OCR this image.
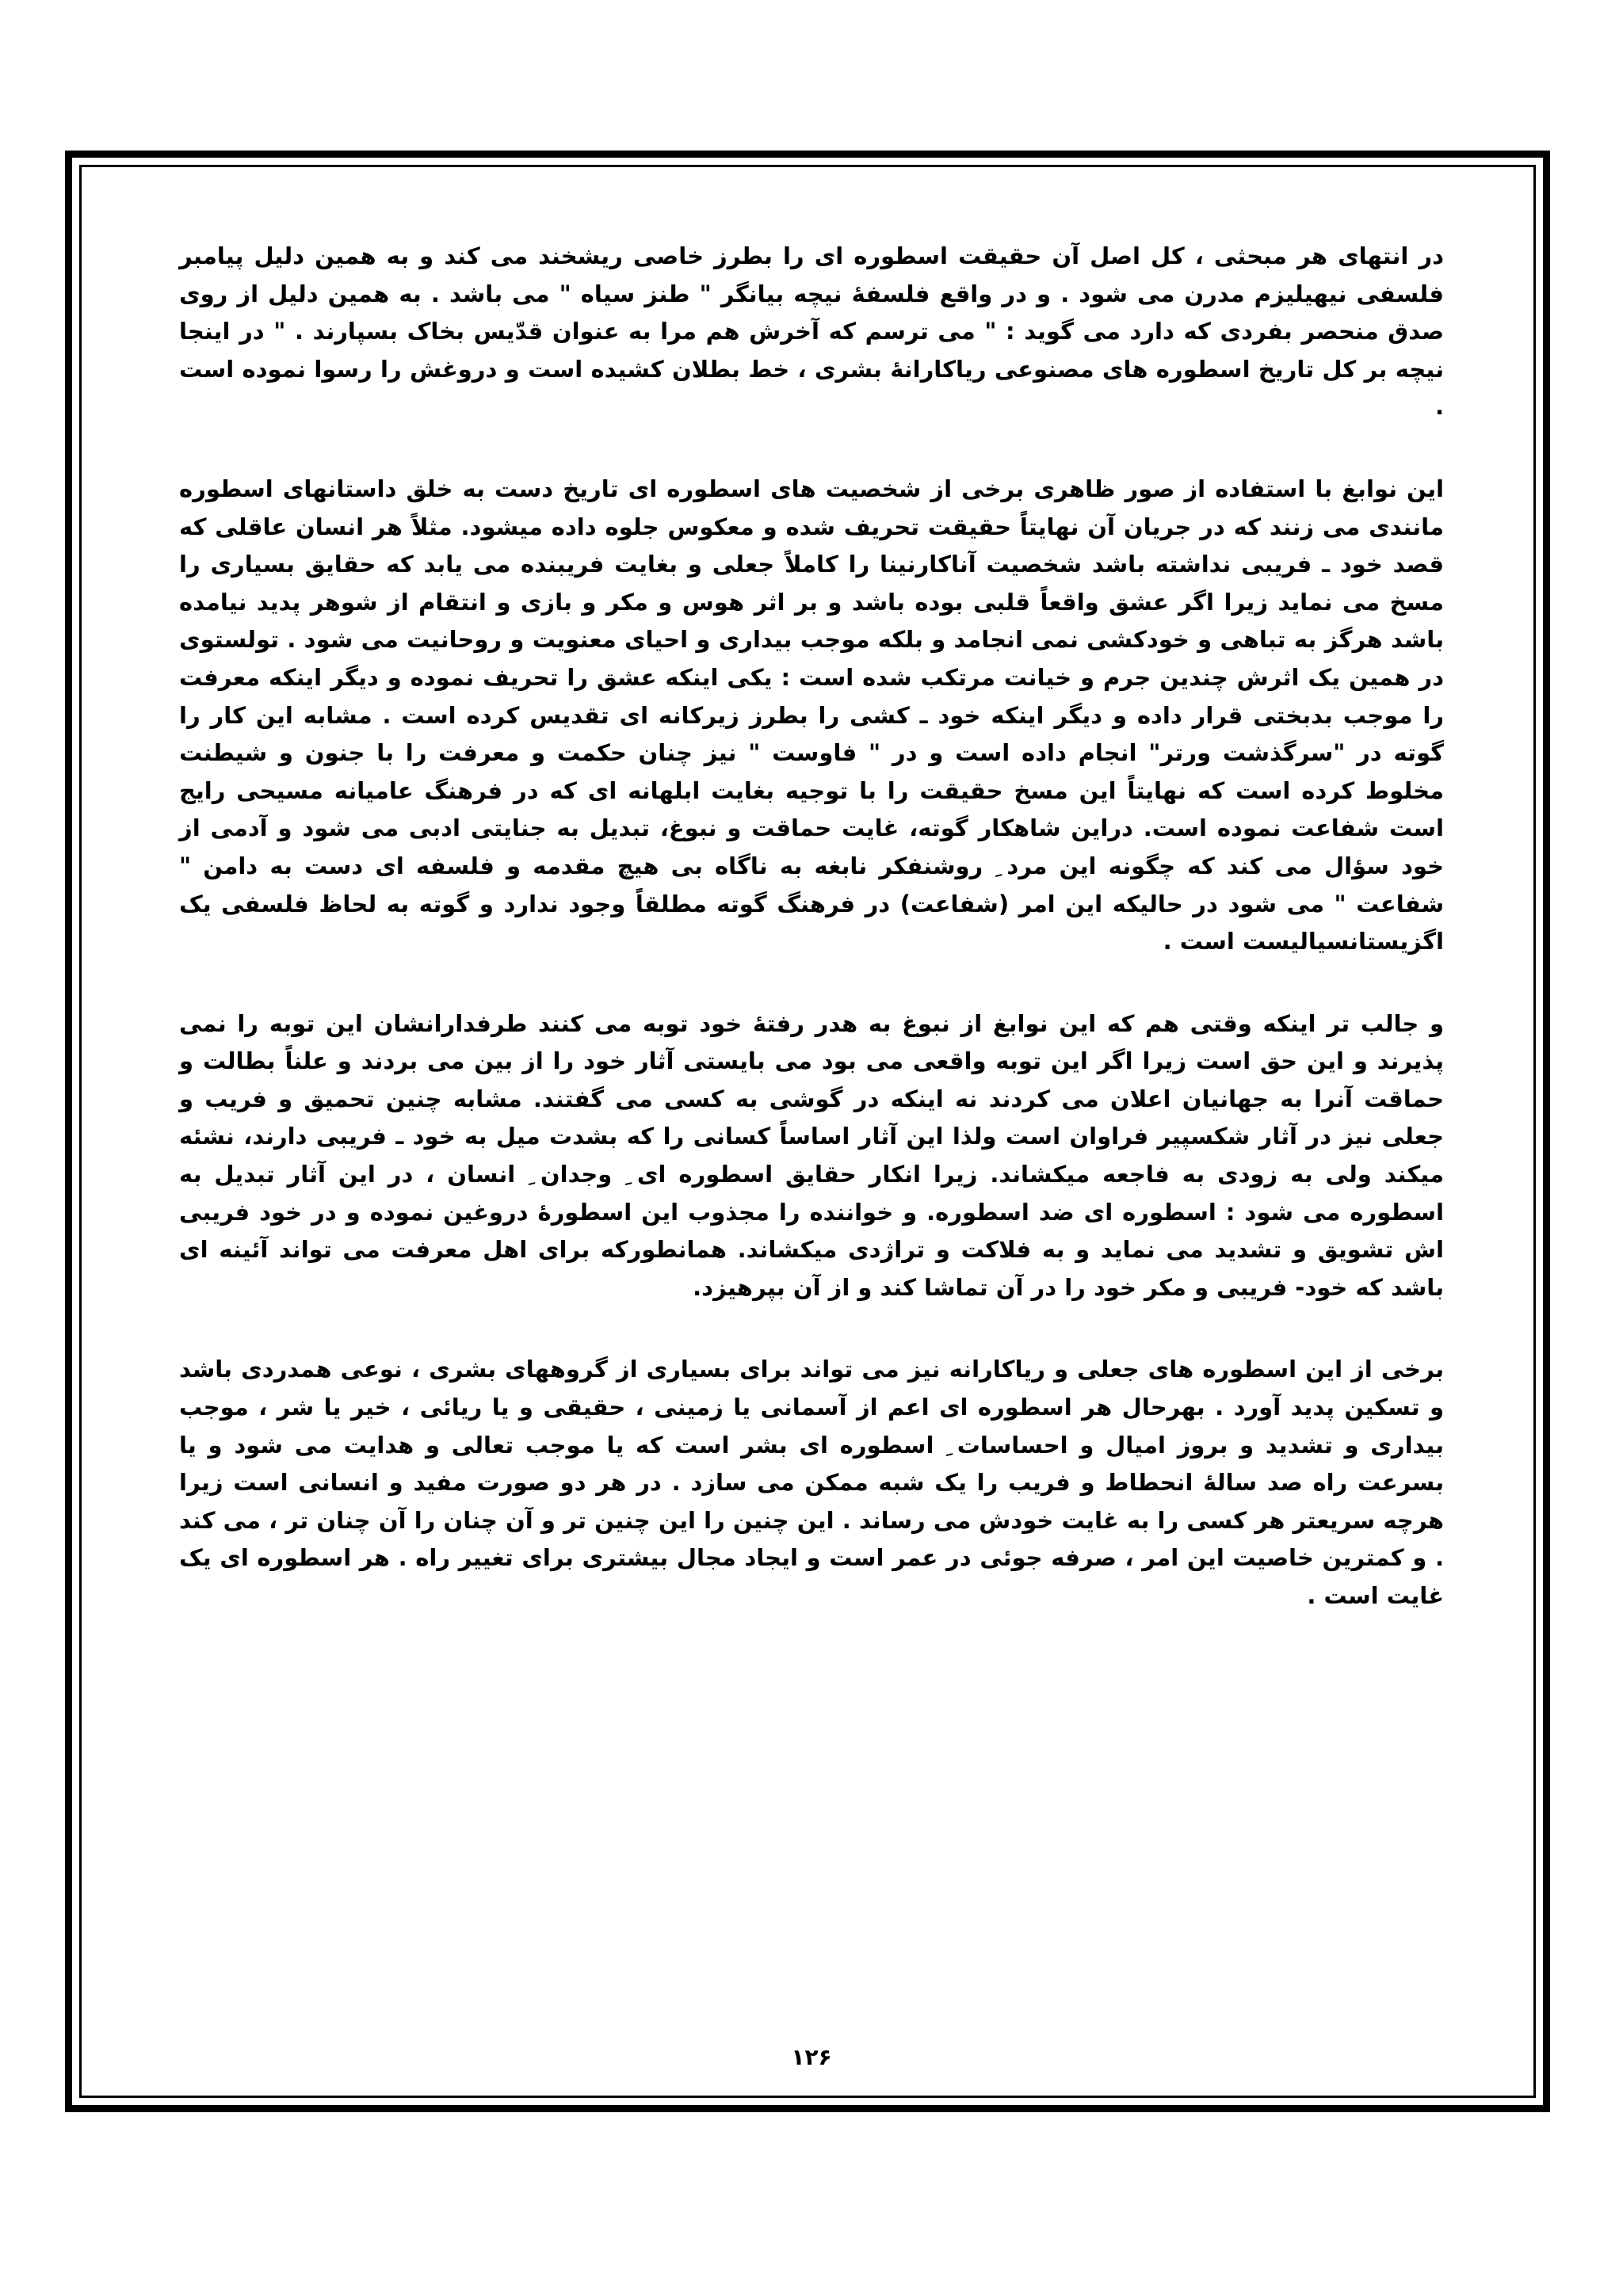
در انتهای هر مبحثی ، کل اصل آن حقیقت اسطوره ای را بطرز خاصی ریشخند می کند و به همین دلیل پیامبر فلسفی نیهیلیزم مدرن می شود . و در واقع فلسفهٔ نیچه بیانگر " طنز سیاه " می باشد . به همین دلیل از روی صدق منحصر بفردی که دارد می گوید : " می ترسم که آخرش هم مرا به عنوان قدّیس بخاک بسپارند . " در اینجا نیچه بر کل تاریخ اسطوره های مصنوعی ریاکارانهٔ بشری ، خط بطلان کشیده است و دروغش را رسوا نموده است .

این نوابغ با استفاده از صور ظاهری برخی از شخصیت های اسطوره ای تاریخ دست به خلق داستانهای اسطوره مانندی می زنند که در جریان آن نهایتاً حقیقت تحریف شده و معکوس جلوه داده میشود. مثلاً هر انسان عاقلی که قصد خود ـ فریبی نداشته باشد شخصیت آناکارنینا را کاملاً جعلی و بغایت فریبنده می یابد که حقایق بسیاری را مسخ می نماید زیرا اگر عشق واقعاً قلبی بوده باشد و بر اثر هوس و مکر و بازی و انتقام از شوهر پدید نیامده باشد هرگز به تباهی و خودکشی نمی انجامد و بلکه موجب بیداری و احیای معنویت و روحانیت می شود . تولستوی در همین یک اثرش چندین جرم و خیانت مرتکب شده است : یکی اینکه عشق را تحریف نموده و دیگر اینکه معرفت را موجب بدبختی قرار داده و دیگر اینکه خود ـ کشی را بطرز زیرکانه ای تقدیس کرده است . مشابه این کار را گوته در "سرگذشت ورتر" انجام داده است و در " فاوست " نیز چنان حکمت و معرفت را با جنون و شیطنت مخلوط کرده است که نهایتاً این مسخ حقیقت را با توجیه بغایت ابلهانه ای که در فرهنگ عامیانه مسیحی رایج است شفاعت نموده است. دراین شاهکار گوته، غایت حماقت و نبوغ، تبدیل به جنایتی ادبی می شود و آدمی از خود سؤال می کند که چگونه این مرد ِ روشنفکر نابغه به ناگاه بی هیچ مقدمه و فلسفه ای دست به دامن " شفاعت " می شود در حالیکه این امر (شفاعت) در فرهنگ گوته مطلقاً وجود ندارد و گوته به لحاظ فلسفی یک اگزیستانسیالیست است .

و جالب تر اینکه وقتی هم که این نوابغ از نبوغ به هدر رفتهٔ خود توبه می کنند طرفدارانشان این توبه را نمی پذیرند و این حق است زیرا اگر این توبه واقعی می بود می بایستی آثار خود را از بین می بردند و علناً بطالت و حماقت آنرا به جهانیان اعلان می کردند نه اینکه در گوشی به کسی می گفتند. مشابه چنین تحمیق و فریب و جعلی نیز در آثار شکسپیر فراوان است ولذا این آثار اساساً کسانی را که بشدت میل به خود ـ فریبی دارند، نشئه میکند ولی به زودی به فاجعه میکشاند. زیرا انکار حقایق اسطوره ای ِ وجدان ِ انسان ، در این آثار تبدیل به اسطوره می شود : اسطوره ای ضد اسطوره. و خواننده را مجذوب این اسطورهٔ دروغین نموده و در خود فریبی اش تشویق و تشدید می نماید و به فلاکت و تراژدی میکشاند. همانطورکه برای اهل معرفت می تواند آئینه ای باشد که خود- فریبی و مکر خود را در آن تماشا کند و از آن بپرهیزد.

برخی از این اسطوره های جعلی و ریاکارانه نیز می تواند برای بسیاری از گروههای بشری ، نوعی همدردی باشد و تسکین پدید آورد . بهرحال هر اسطوره ای اعم از آسمانی یا زمینی ، حقیقی و یا ریائی ، خیر یا شر ، موجب بیداری و تشدید و بروز امیال و احساسات ِ اسطوره ای بشر است که یا موجب تعالی و هدایت می شود و یا بسرعت راه صد سالهٔ انحطاط و فریب را یک شبه ممکن می سازد . در هر دو صورت مفید و انسانی است زیرا هرچه سریعتر هر کسی را به غایت خودش می رساند . این چنین را این چنین تر و آن چنان را آن چنان تر ، می کند . و کمترین خاصیت این امر ، صرفه جوئی در عمر است و ایجاد مجال بیشتری برای تغییر راه . هر اسطوره ای یک غایت است .

۱۲۶
